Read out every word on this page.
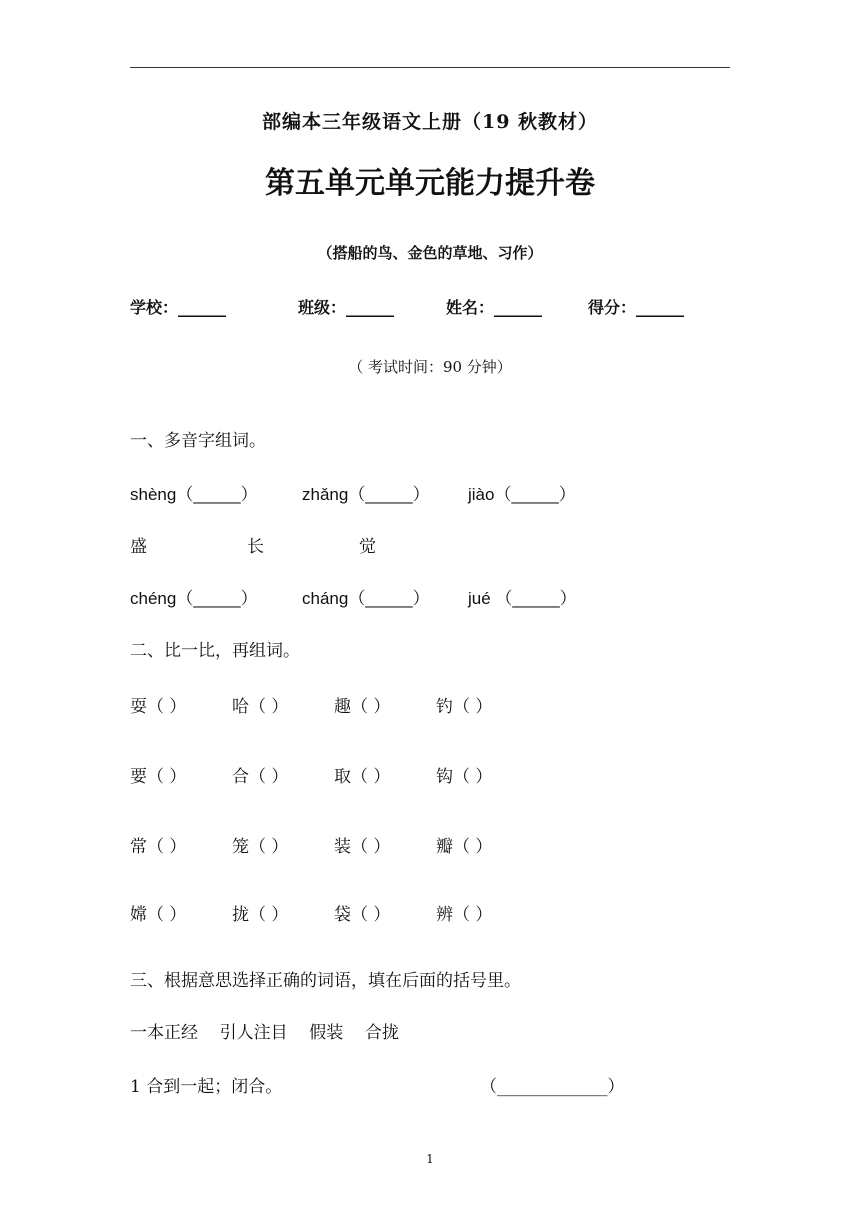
部编本三年级语文上册（19 秋教材）
第五单元单元能力提升卷
（搭船的鸟、金色的草地、习作）
学校：______	班级：______	姓名：______	得分：______
（ 考试时间：90 分钟）
一、多音字组词。
shèng（_____）	zhǎng（_____） jiào（_____）
盛	长	觉
chéng（_____）	cháng（_____） jué （_____）
二、比一比，再组词。
耍（ ）	哈（ ）	趣（ ）	钓（ ）
要（ ）	合（ ）	取（ ）	钩（ ）
常（ ）	笼（ ）	装（ ）	瓣（ ）
嫦（ ）	拢（ ）	袋（ ）	辨（ ）
三、根据意思选择正确的词语，填在后面的括号里。
一本正经    引人注目    假装    合拢
1 合到一起；闭合。	（_____________）
1
